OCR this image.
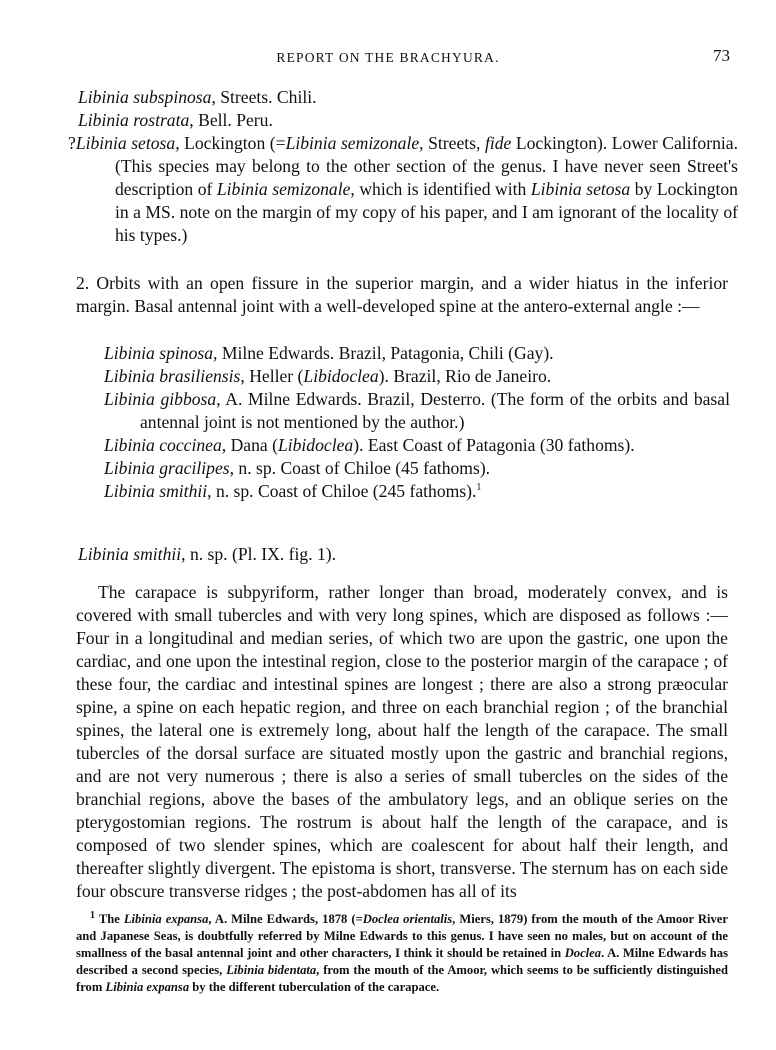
REPORT ON THE BRACHYURA.	73

Libinia subspinosa, Streets. Chili.

Libinia rostrata, Bell. Peru.

?Libinia setosa, Lockington (=Libinia semizonale, Streets, fide Lockington). Lower California. (This species may belong to the other section of the genus. I have never seen Street's description of Libinia semizonale, which is identified with Libinia setosa by Lockington in a MS. note on the margin of my copy of his paper, and I am ignorant of the locality of his types.)

2. Orbits with an open fissure in the superior margin, and a wider hiatus in the inferior margin. Basal antennal joint with a well-developed spine at the antero-external angle :—

Libinia spinosa, Milne Edwards. Brazil, Patagonia, Chili (Gay).

Libinia brasiliensis, Heller (Libidoclea). Brazil, Rio de Janeiro.

Libinia gibbosa, A. Milne Edwards. Brazil, Desterro. (The form of the orbits and basal antennal joint is not mentioned by the author.)

Libinia coccinea, Dana (Libidoclea). East Coast of Patagonia (30 fathoms).

Libinia gracilipes, n. sp. Coast of Chiloe (45 fathoms).

Libinia smithii, n. sp. Coast of Chiloe (245 fathoms).$^1$

Libinia smithii, n. sp. (Pl. IX. fig. 1).

The carapace is subpyriform, rather longer than broad, moderately convex, and is covered with small tubercles and with very long spines, which are disposed as follows :— Four in a longitudinal and median series, of which two are upon the gastric, one upon the cardiac, and one upon the intestinal region, close to the posterior margin of the carapace ; of these four, the cardiac and intestinal spines are longest ; there are also a strong præocular spine, a spine on each hepatic region, and three on each branchial region ; of the branchial spines, the lateral one is extremely long, about half the length of the carapace. The small tubercles of the dorsal surface are situated mostly upon the gastric and branchial regions, and are not very numerous ; there is also a series of small tubercles on the sides of the branchial regions, above the bases of the ambulatory legs, and an oblique series on the pterygostomian regions. The rostrum is about half the length of the carapace, and is composed of two slender spines, which are coalescent for about half their length, and thereafter slightly divergent. The epistoma is short, transverse. The sternum has on each side four obscure transverse ridges ; the post-abdomen has all of its

$^1$ The Libinia expansa, A. Milne Edwards, 1878 (=Doclea orientalis, Miers, 1879) from the mouth of the Amoor River and Japanese Seas, is doubtfully referred by Milne Edwards to this genus. I have seen no males, but on account of the smallness of the basal antennal joint and other characters, I think it should be retained in Doclea. A. Milne Edwards has described a second species, Libinia bidentata, from the mouth of the Amoor, which seems to be sufficiently distinguished from Libinia expansa by the different tuberculation of the carapace.
